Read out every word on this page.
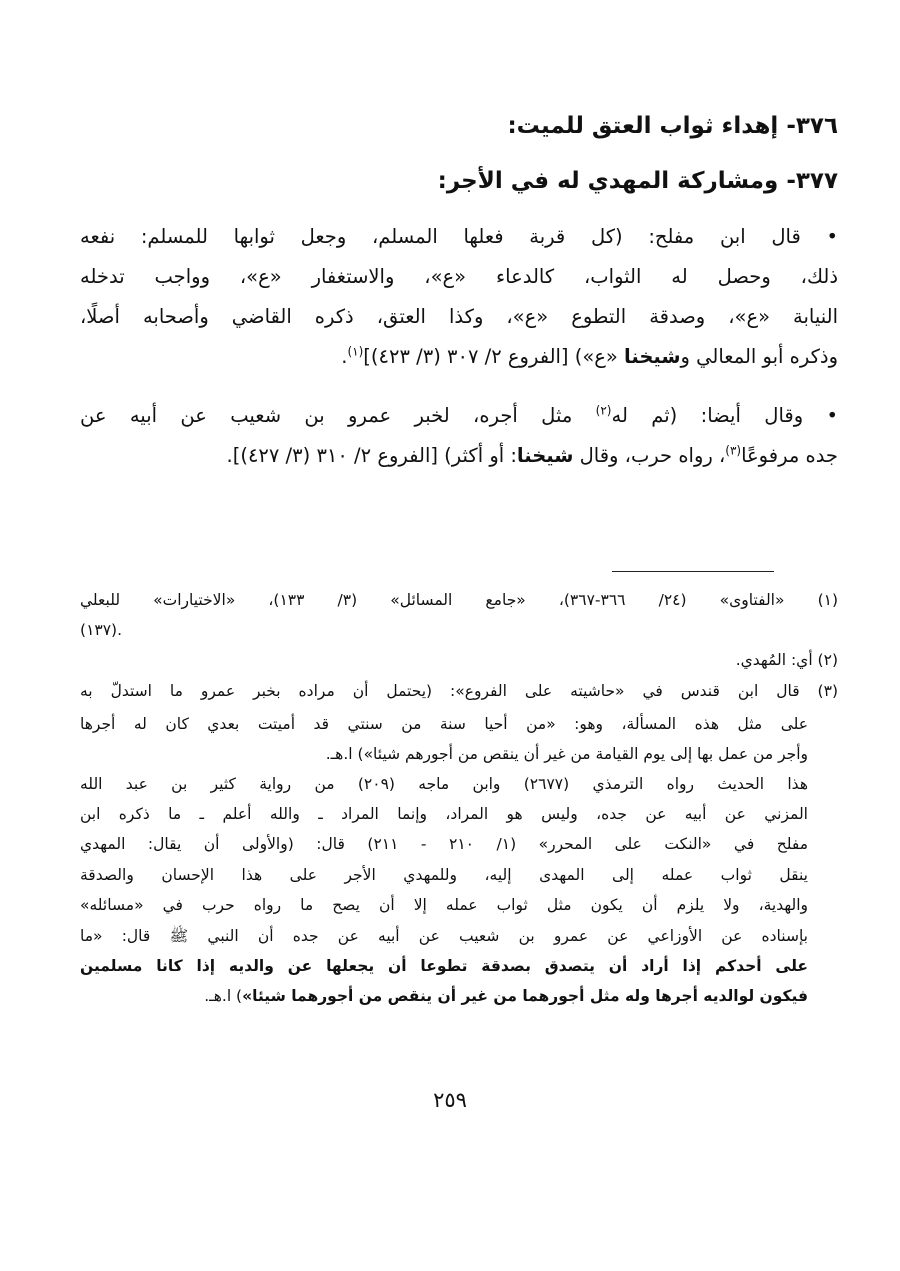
٣٧٦- إهداء ثواب العتق للميت:
٣٧٧- ومشاركة المهدي له في الأجر:
• قال ابن مفلح: (كل قربة فعلها المسلم، وجعل ثوابها للمسلم: نفعه
ذلك، وحصل له الثواب، كالدعاء «ع»، والاستغفار «ع»، وواجب تدخله
النيابة «ع»، وصدقة التطوع «ع»، وكذا العتق، ذكره القاضي وأصحابه أصلًا،
وذكره أبو المعالي وشيخنا «ع») [الفروع ٢/ ٣٠٧ (٣/ ٤٢٣)]$^{(١)}$.
• وقال أيضا: (ثم له$^{(٢)}$ مثل أجره، لخبر عمرو بن شعيب عن أبيه عن
جده مرفوعًا$^{(٣)}$، رواه حرب، وقال شيخنا: أو أكثر) [الفروع ٢/ ٣١٠ (٣/ ٤٢٧)].
(١) «الفتاوى» (٢٤/ ٣٦٦-٣٦٧)، «جامع المسائل» (٣/ ١٣٣)، «الاختيارات» للبعلي
(١٣٧).
(٢) أي: المُهدي.
(٣) قال ابن قندس في «حاشيته على الفروع»: (يحتمل أن مراده بخبر عمرو ما استدلّ به
على مثل هذه المسألة، وهو: «من أحيا سنة من سنتي قد أميتت بعدي كان له أجرها
وأجر من عمل بها إلى يوم القيامة من غير أن ينقص من أجورهم شيئا») ا.هـ.
هذا الحديث رواه الترمذي (٢٦٧٧) وابن ماجه (٢٠٩) من رواية كثير بن عبد الله
المزني عن أبيه عن جده، وليس هو المراد، وإنما المراد ـ والله أعلم ـ ما ذكره ابن
مفلح في «النكت على المحرر» (١/ ٢١٠ - ٢١١) قال: (والأولى أن يقال: المهدي
ينقل ثواب عمله إلى المهدى إليه، وللمهدي الأجر على هذا الإحسان والصدقة
والهدية، ولا يلزم أن يكون مثل ثواب عمله إلا أن يصح ما رواه حرب في «مسائله»
بإسناده عن الأوزاعي عن عمرو بن شعيب عن أبيه عن جده أن النبي ﷺ قال: «ما
على أحدكم إذا أراد أن يتصدق بصدقة تطوعا أن يجعلها عن والديه إذا كانا مسلمين
فيكون لوالديه أجرها وله مثل أجورهما من غير أن ينقص من أجورهما شيئا») ا.هـ.
٢٥٩
